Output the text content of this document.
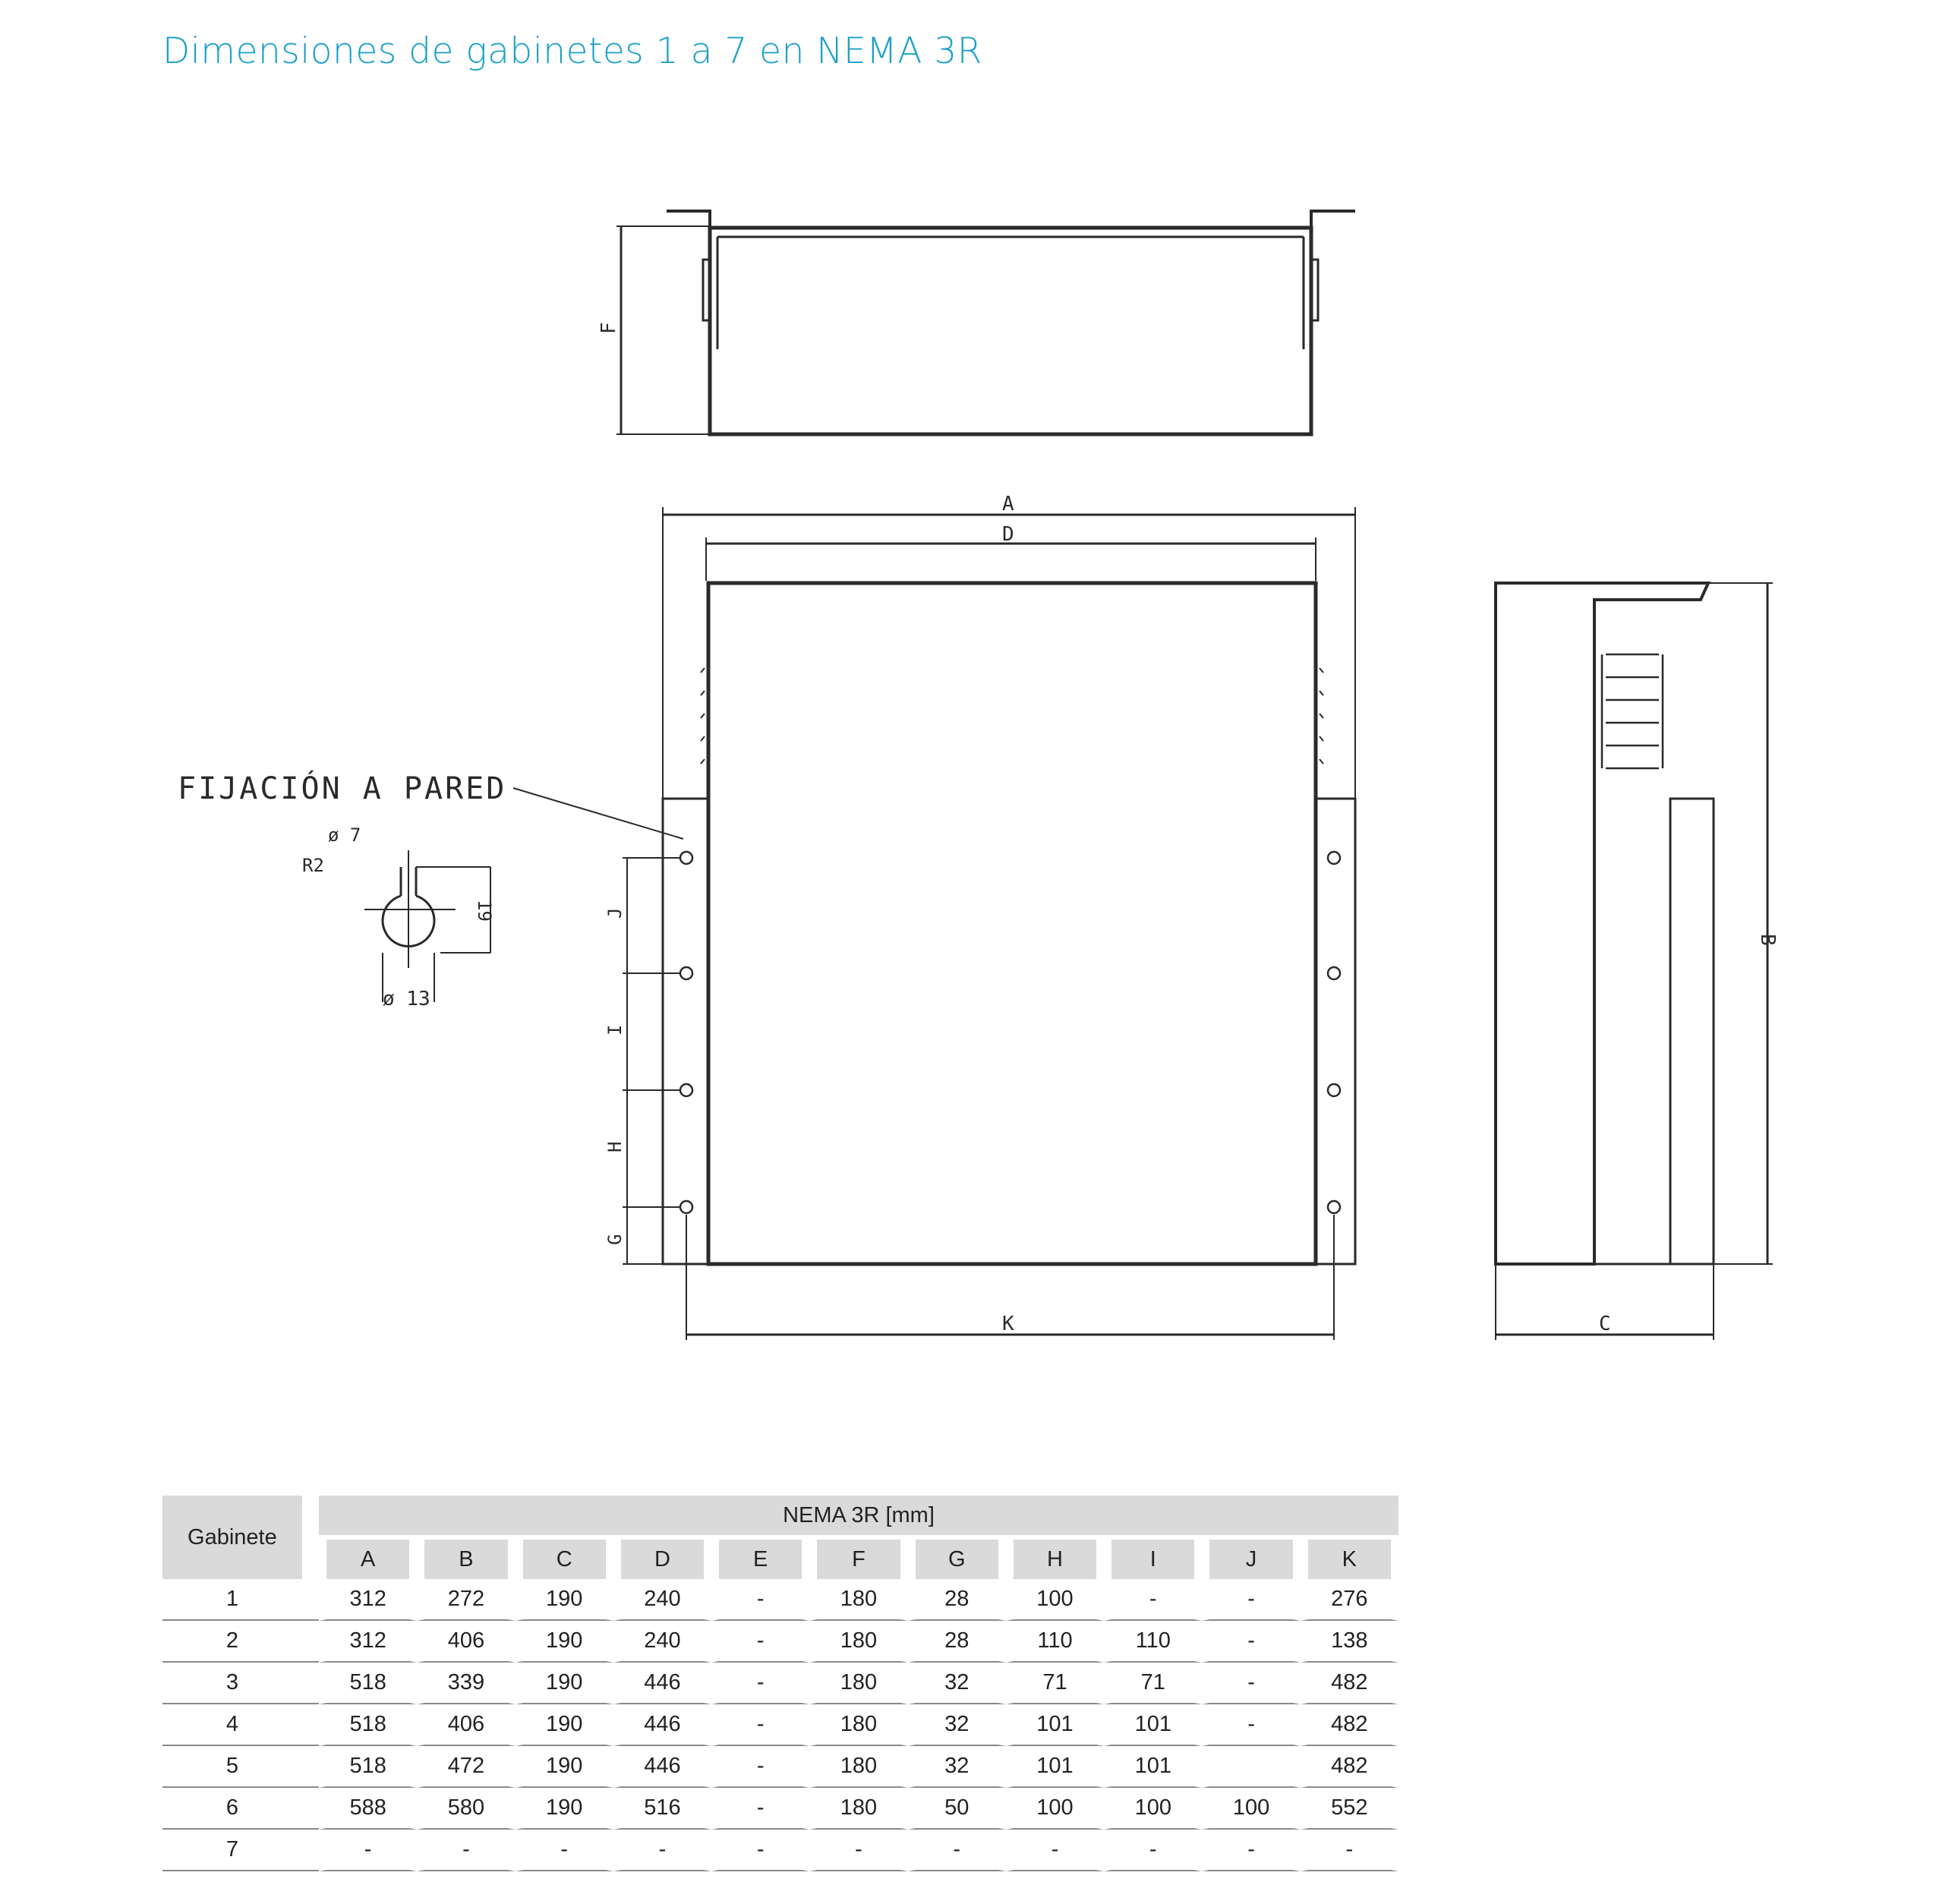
Dimensiones de gabinetes 1 a 7 en NEMA 3R
F
A
D
J
I
H
G
K
FIJACIÓN A PARED
ø 7
R2
19
ø 13
B
C
Gabinete		NEMA 3R [mm]										
		A	B	C	D	E	F	G	H	I	J	K
1		312	272	190	240	-	180	28	100	-	-	276
2		312	406	190	240	-	180	28	110	110	-	138
3		518	339	190	446	-	180	32	71	71	-	482
4		518	406	190	446	-	180	32	101	101	-	482
5		518	472	190	446	-	180	32	101	101		482
6		588	580	190	516	-	180	50	100	100	100	552
7		-	-	-	-	-	-	-	-	-	-	-
